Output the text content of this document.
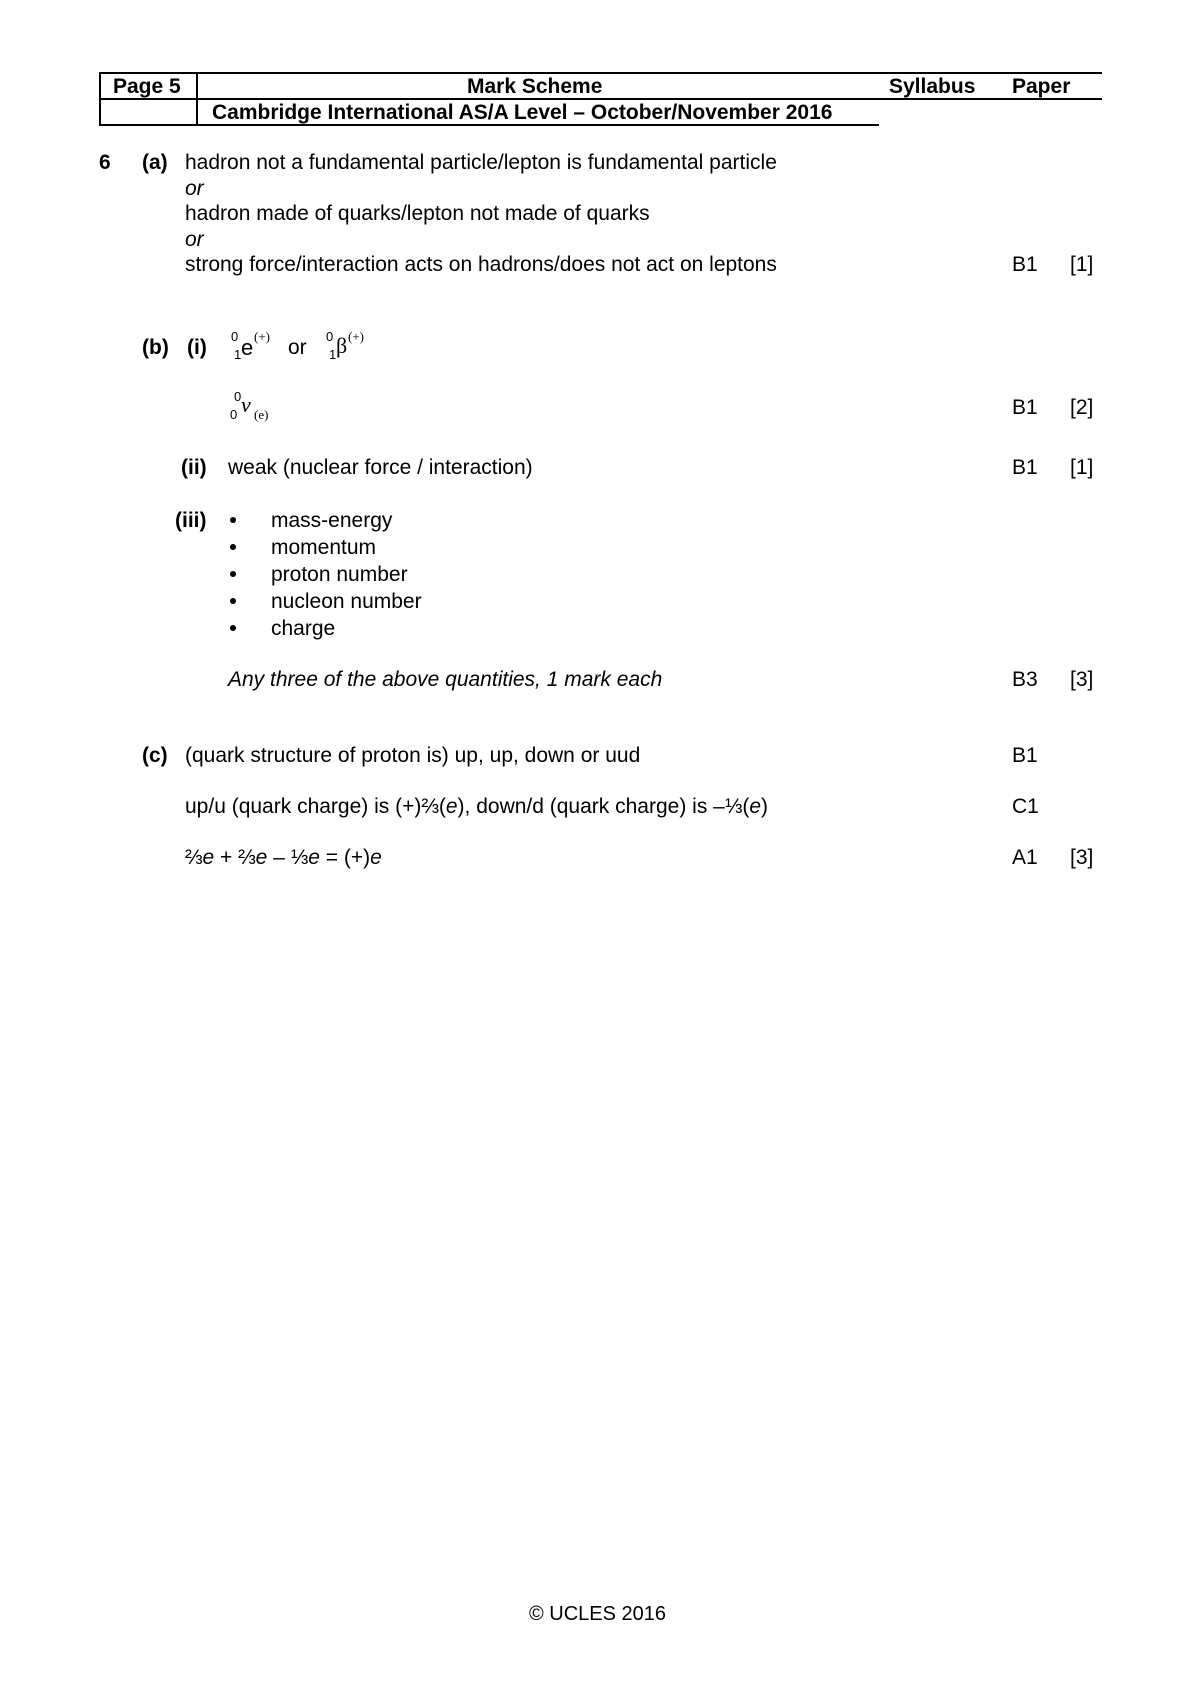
Page 5	Mark Scheme	Syllabus Paper
Cambridge International AS/A Level – October/November 2016
6 (a) hadron not a fundamental particle/lepton is fundamental particle
or
hadron made of quarks/lepton not made of quarks
or
strong force/interaction acts on hadrons/does not act on leptons	B1 [1]
(b) (i) 0
1 e (+) or 0
1 β (+)
0
0 ν (e)	B1 [2]
(ii) weak (nuclear force / interaction)	B1 [1]
(iii)	mass-energy
momentum
proton number
nucleon number
charge
Any three of the above quantities, 1 mark each	B3 [3]
(c) (quark structure of proton is) up, up, down or uud	B1
up/u (quark charge) is (+)⅔(e), down/d (quark charge) is –⅓(e)	C1
⅔e + ⅔e – ⅓e = (+)e	A1 [3]
© UCLES 2016
